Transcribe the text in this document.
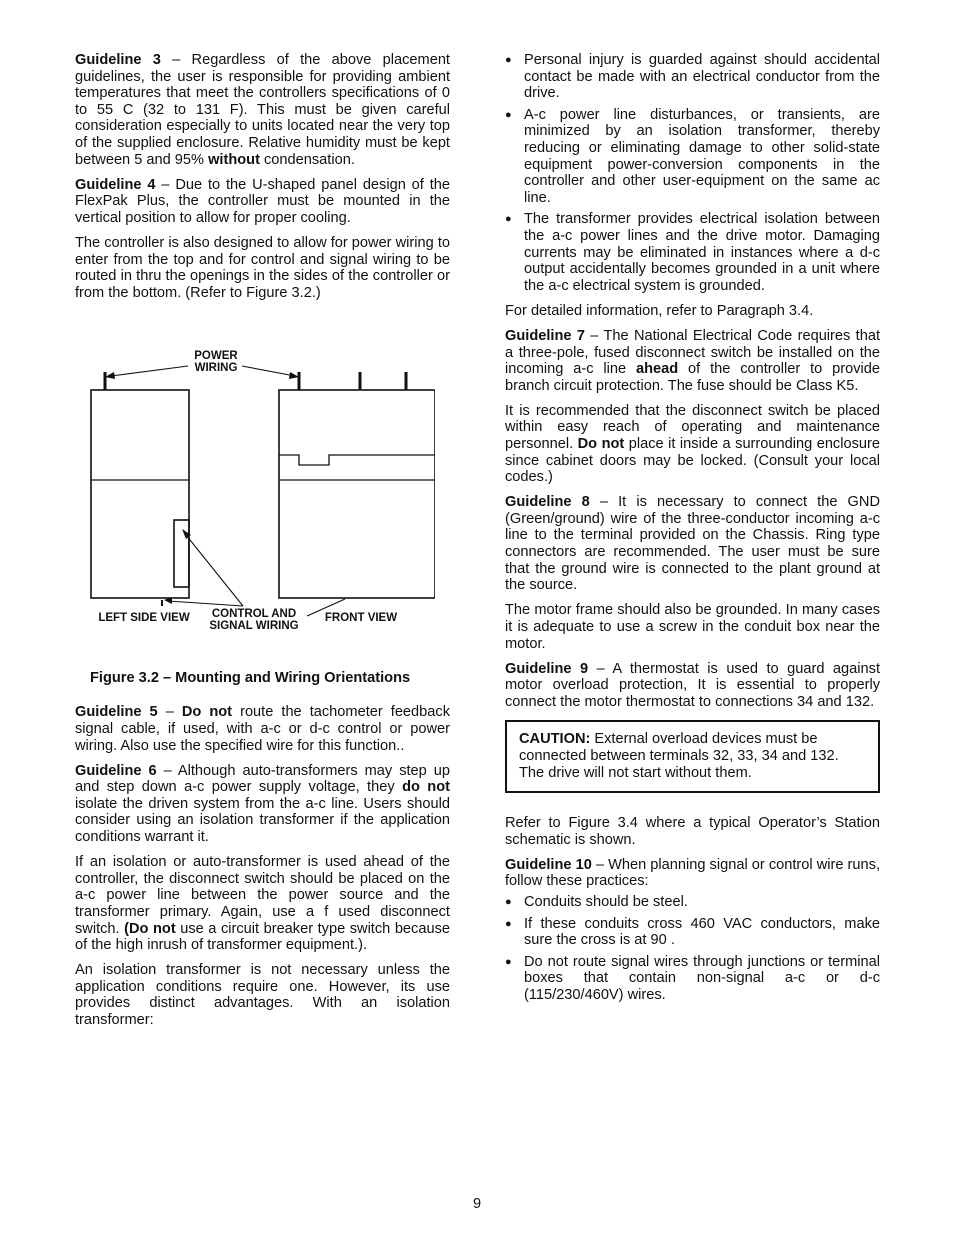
Guideline 3 – Regardless of the above placement guidelines, the user is responsible for providing ambient temperatures that meet the controllers specifications of 0 to 55 C (32 to 131 F). This must be given careful consideration especially to units located near the very top of the supplied enclosure. Relative humidity must be kept between 5 and 95% without condensation.

Guideline 4 – Due to the U-shaped panel design of the FlexPak Plus, the controller must be mounted in the vertical position to allow for proper cooling.

The controller is also designed to allow for power wiring to enter from the top and for control and signal wiring to be routed in thru the openings in the sides of the controller or from the bottom. (Refer to Figure 3.2.)

POWER
WIRING
LEFT SIDE VIEW	CONTROL AND
SIGNAL WIRING
FRONT VIEW

Figure 3.2 – Mounting and Wiring Orientations

Guideline 5 – Do not route the tachometer feedback signal cable, if used, with a-c or d-c control or power wiring. Also use the specified wire for this function..

Guideline 6 – Although auto-transformers may step up and step down a-c power supply voltage, they do not isolate the driven system from the a-c line. Users should consider using an isolation transformer if the application conditions warrant it.

If an isolation or auto-transformer is used ahead of the controller, the disconnect switch should be placed on the a-c power line between the power source and the transformer primary. Again, use a f used disconnect switch. (Do not use a circuit breaker type switch because of the high inrush of transformer equipment.).

An isolation transformer is not necessary unless the application conditions require one. However, its use provides distinct advantages. With an isolation transformer:

● Personal injury is guarded against should accidental contact be made with an electrical conductor from the drive.
● A-c power line disturbances, or transients, are minimized by an isolation transformer, thereby reducing or eliminating damage to other solid-state equipment power-conversion components in the controller and other user-equipment on the same ac line.
● The transformer provides electrical isolation between the a-c power lines and the drive motor. Damaging currents may be eliminated in instances where a d-c output accidentally becomes grounded in a unit where the a-c electrical system is grounded.

For detailed information, refer to Paragraph 3.4.

Guideline 7 – The National Electrical Code requires that a three-pole, fused disconnect switch be installed on the incoming a-c line ahead of the controller to provide branch circuit protection. The fuse should be Class K5.

It is recommended that the disconnect switch be placed within easy reach of operating and maintenance personnel. Do not place it inside a surrounding enclosure since cabinet doors may be locked. (Consult your local codes.)

Guideline 8 – It is necessary to connect the GND (Green/ground) wire of the three-conductor incoming a-c line to the terminal provided on the Chassis. Ring type connectors are recommended. The user must be sure that the ground wire is connected to the plant ground at the source.

The motor frame should also be grounded. In many cases it is adequate to use a screw in the conduit box near the motor.

Guideline 9 – A thermostat is used to guard against motor overload protection, It is essential to properly connect the motor thermostat to connections 34 and 132.

CAUTION: External overload devices must be connected between terminals 32, 33, 34 and 132. The drive will not start without them.

Refer to Figure 3.4 where a typical Operator’s Station schematic is shown.

Guideline 10 – When planning signal or control wire runs, follow these practices:

● Conduits should be steel.
● If these conduits cross 460 VAC conductors, make sure the cross is at 90 .
● Do not route signal wires through junctions or terminal boxes that contain non-signal a-c or d-c (115/230/460V) wires.
9
